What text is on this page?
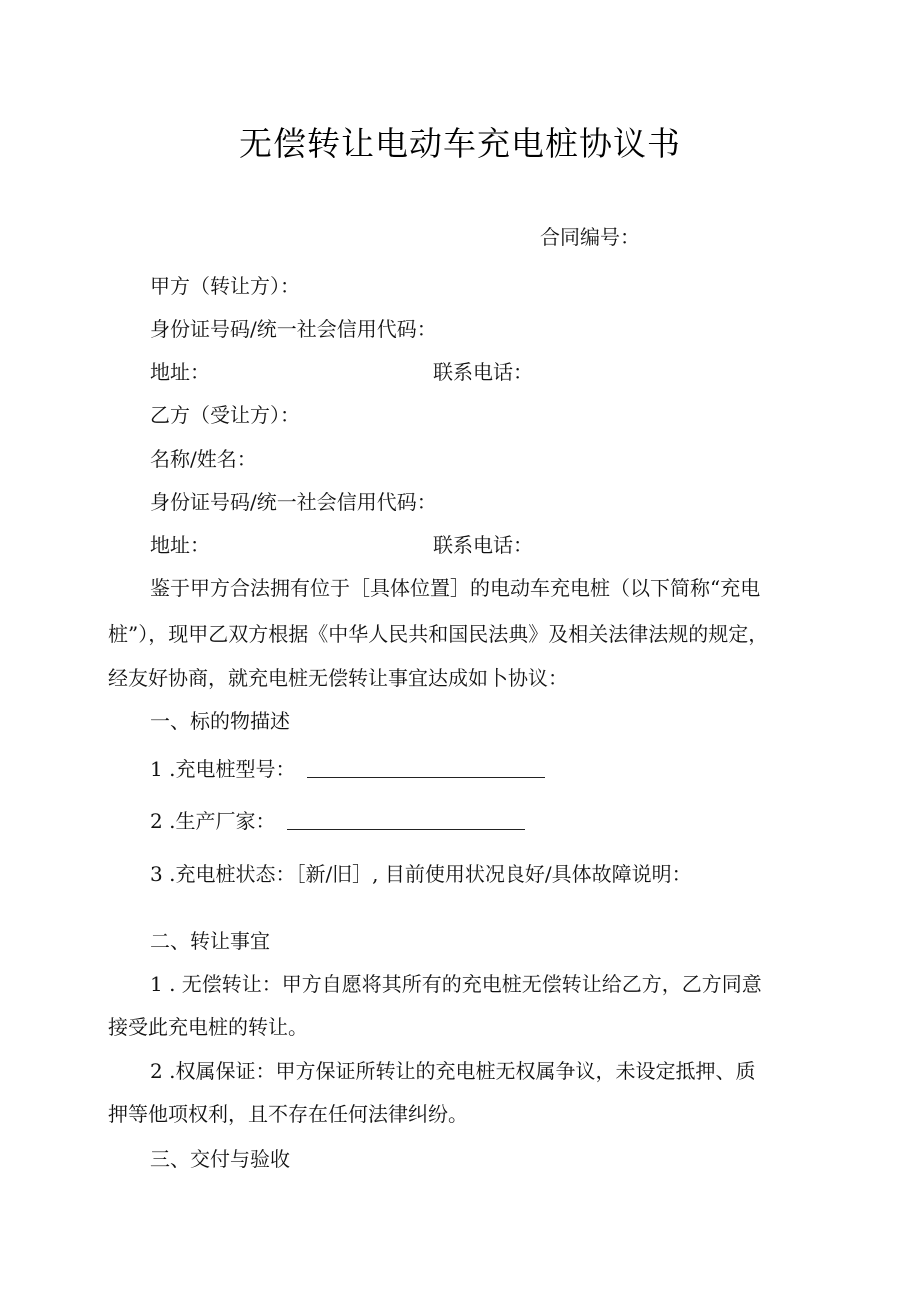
无偿转让电动车充电桩协议书
合同编号：
甲方（转让方）：
身份证号码/统一社会信用代码：
地址：	联系电话：
乙方（受让方）：
名称/姓名：
身份证号码/统一社会信用代码：
地址：	联系电话：
鉴于甲方合法拥有位于［具体位置］的电动车充电桩（以下简称“充电
桩”），现甲乙双方根据《中华人民共和国民法典》及相关法律法规的规定，
经友好协商，就充电桩无偿转让事宜达成如卜协议：
一、标的物描述
1 .充电桩型号：
2 .生产厂家：
3 .充电桩状态：［新/旧］, 目前使用状况良好/具体故障说明：
二、转让事宜
1 . 无偿转让：甲方自愿将其所有的充电桩无偿转让给乙方，乙方同意
接受此充电桩的转让。
2 .权属保证：甲方保证所转让的充电桩无权属争议，未设定抵押、质
押等他项权利，且不存在任何法律纠纷。
三、交付与验收
